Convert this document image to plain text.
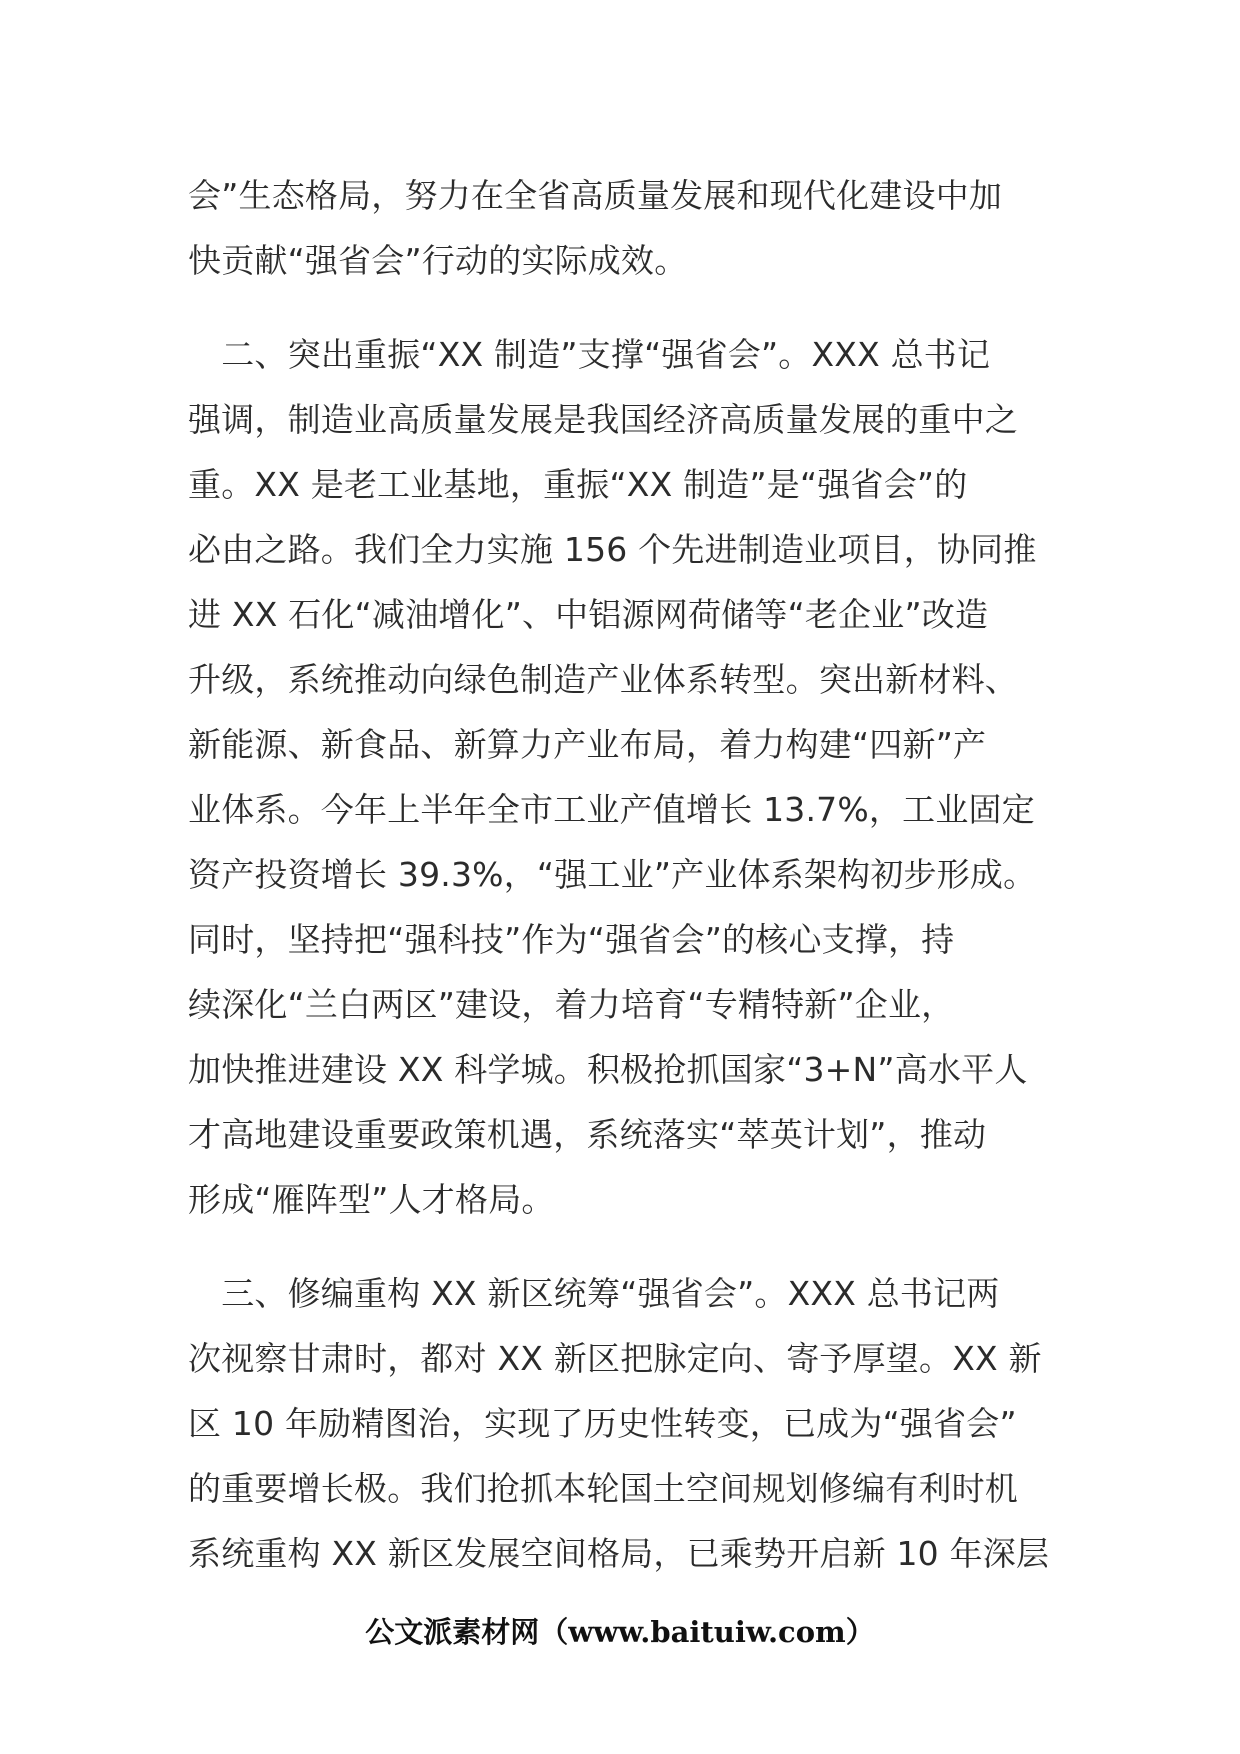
会”生态格局，努力在全省高质量发展和现代化建设中加
快贡献“强省会”行动的实际成效。
　二、突出重振“XX 制造”支撑“强省会”。XXX 总书记
强调，制造业高质量发展是我国经济高质量发展的重中之
重。XX 是老工业基地，重振“XX 制造”是“强省会”的
必由之路。我们全力实施 156 个先进制造业项目，协同推
进 XX 石化“减油增化”、中铝源网荷储等“老企业”改造
升级，系统推动向绿色制造产业体系转型。突出新材料、
新能源、新食品、新算力产业布局，着力构建“四新”产
业体系。今年上半年全市工业产值增长 13.7%，工业固定
资产投资增长 39.3%，“强工业”产业体系架构初步形成。
同时，坚持把“强科技”作为“强省会”的核心支撑，持
续深化“兰白两区”建设，着力培育“专精特新”企业，
加快推进建设 XX 科学城。积极抢抓国家“3+N”高水平人
才高地建设重要政策机遇，系统落实“萃英计划”，推动
形成“雁阵型”人才格局。
　三、修编重构 XX 新区统筹“强省会”。XXX 总书记两
次视察甘肃时，都对 XX 新区把脉定向、寄予厚望。XX 新
区 10 年励精图治，实现了历史性转变，已成为“强省会”
的重要增长极。我们抢抓本轮国土空间规划修编有利时机
系统重构 XX 新区发展空间格局，已乘势开启新 10 年深层
公文派素材网（www.baituiw.com）
